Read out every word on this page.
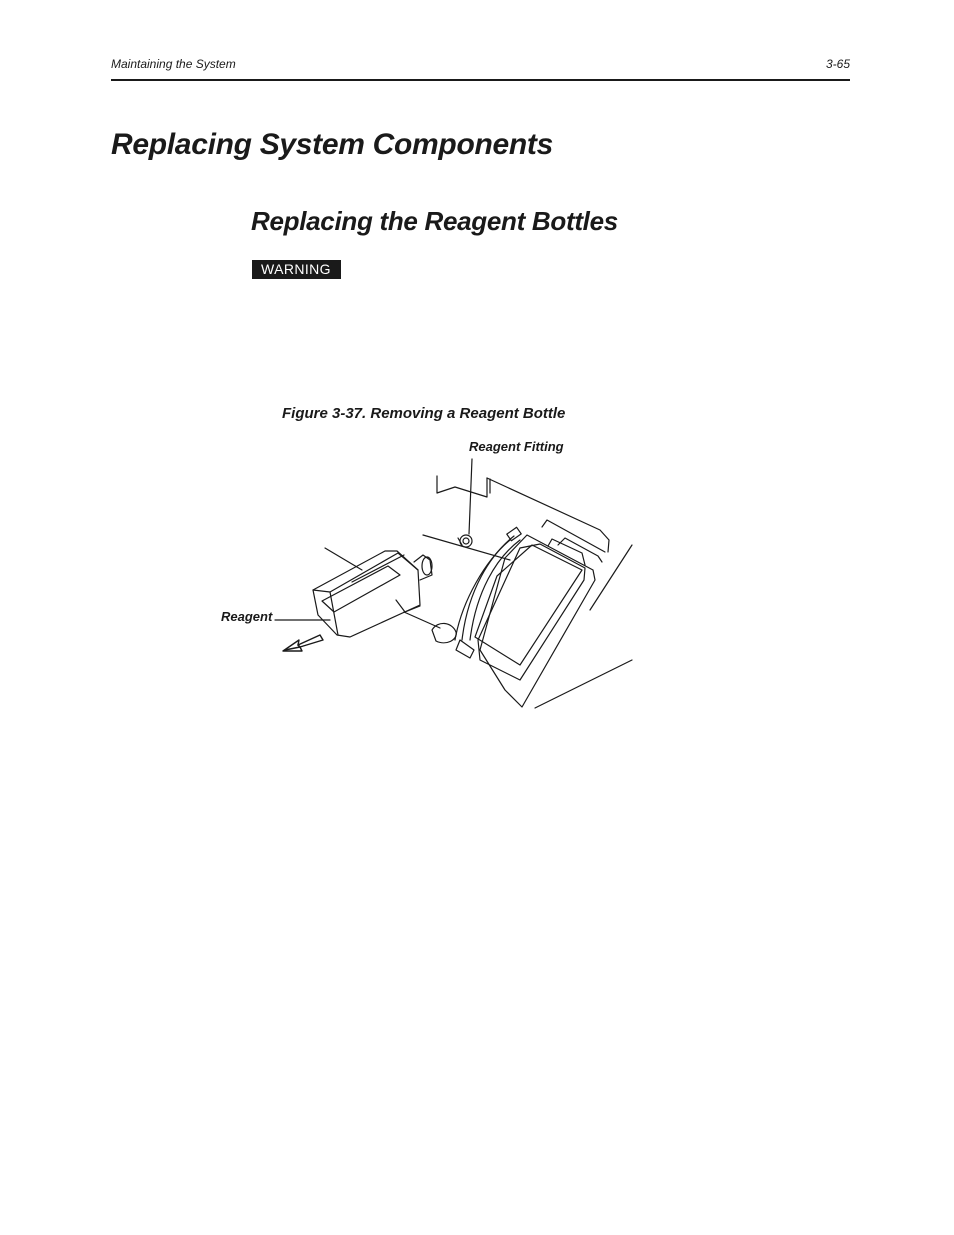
Maintaining the System	3-65
Replacing System Components
Replacing the Reagent Bottles
WARNING
Figure 3-37. Removing a Reagent Bottle
Reagent Fitting
Reagent
